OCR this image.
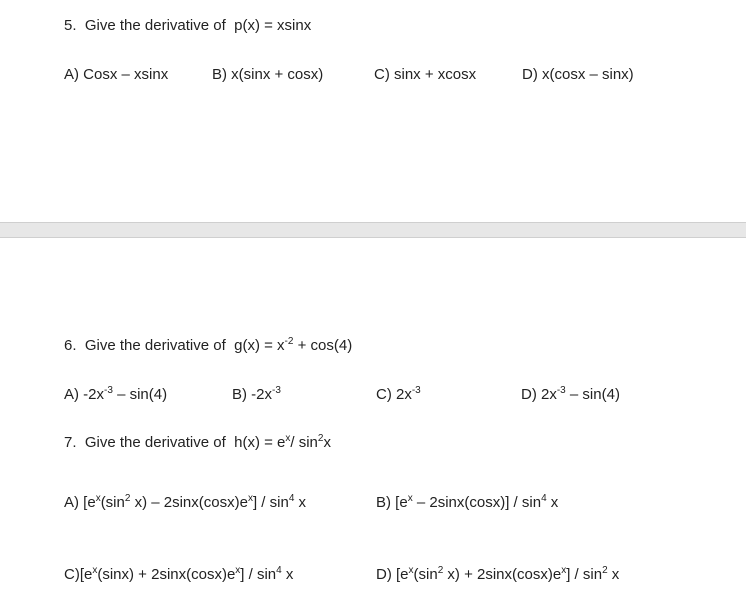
5. Give the derivative of p(x) = xsinx
A) Cosx – xsinx	B) x(sinx + cosx)	C) sinx + xcosx	D) x(cosx – sinx)
6. Give the derivative of $g(x) = x^{-2} + \cos(4)$
A) $-2x^{-3} - \sin(4)$	B) $-2x^{-3}$	C) $2x^{-3}$	D) $2x^{-3} - \sin(4)$
7. Give the derivative of $h(x) = e^x/$ $\sin^2x$
A) [$e^x(\sin^2$ $x) - 2\sin x(\cos x)e^x] / \sin^4 x$	B) $[e^x - 2\sin x(\cos x)] / \sin^4 x$
$C)[e^x(\sin x) + 2\sin x(\cos x)e^x] / \sin^4 x$	D) [$e^x(\sin^2$ $x) + 2\sin x(\cos x)e^x] / \sin^2 x$
